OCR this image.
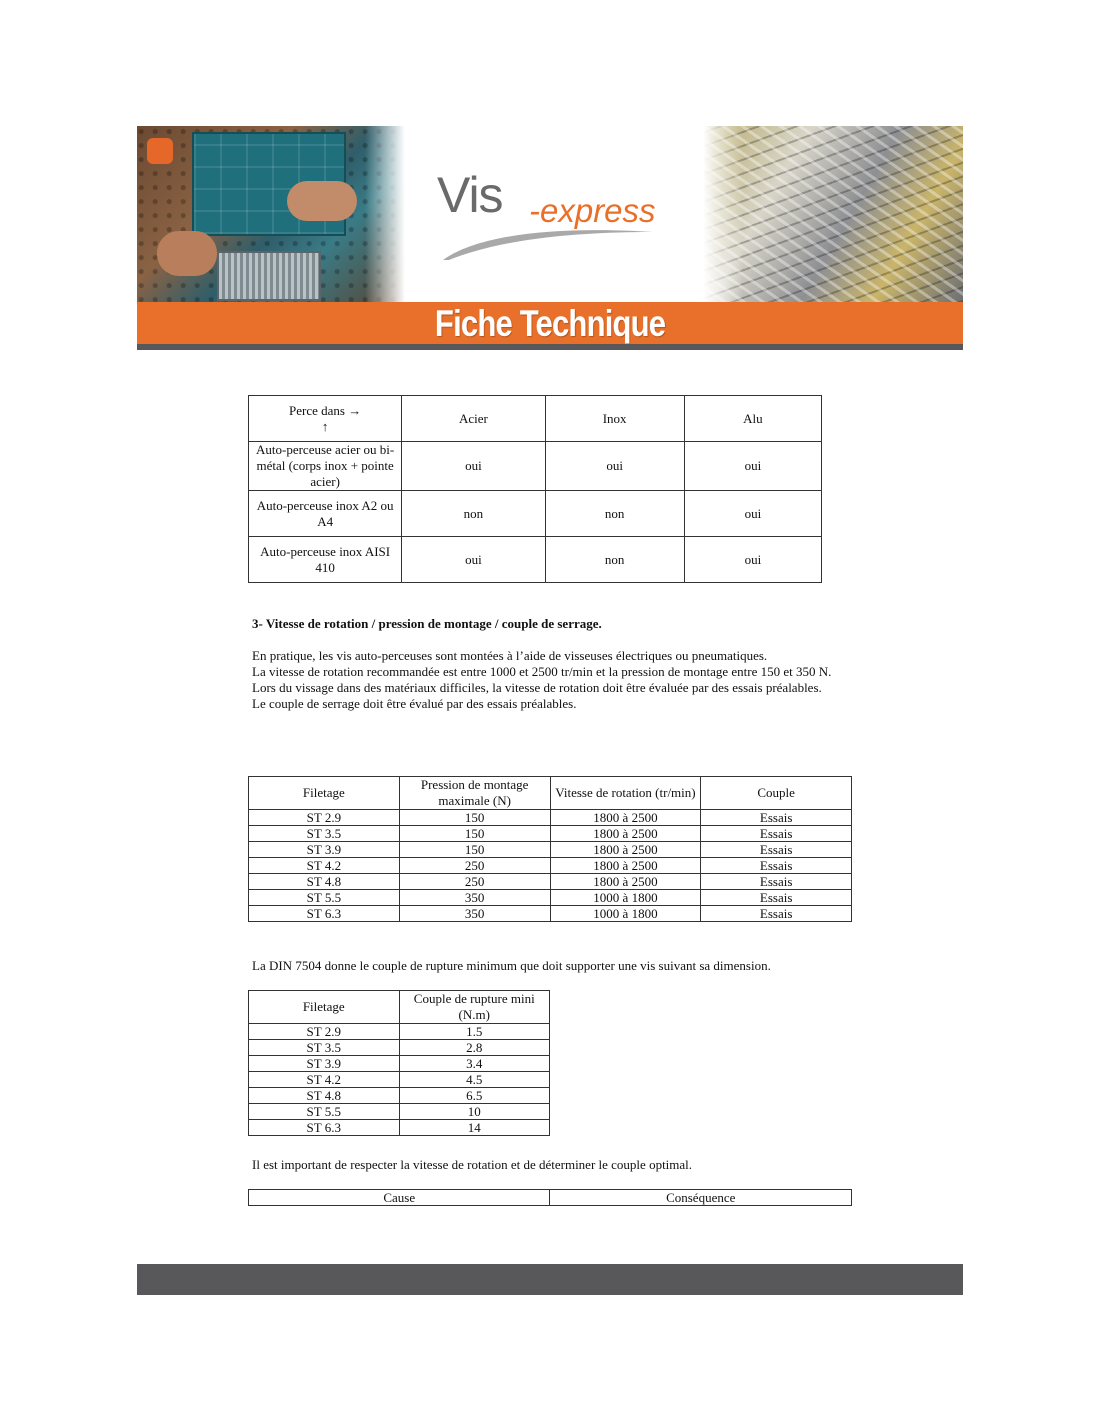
Vis -express
Fiche Technique
Perce dans →
↑	Acier	Inox	Alu
Auto-perceuse acier ou bi-métal (corps inox + pointe acier)	oui	oui	oui
Auto-perceuse inox A2 ou A4	non	non	oui
Auto-perceuse inox AISI 410	oui	non	oui
3- Vitesse de rotation / pression de montage / couple de serrage.

En pratique, les vis auto-perceuses sont montées à l’aide de visseuses électriques ou pneumatiques.

La vitesse de rotation recommandée est entre 1000 et 2500 tr/min et la pression de montage entre 150 et 350 N.

Lors du vissage dans des matériaux difficiles, la vitesse de rotation doit être évaluée par des essais préalables.

Le couple de serrage doit être évalué par des essais préalables.

Filetage	Pression de montage maximale (N)	Vitesse de rotation (tr/min)	Couple
ST 2.9	150	1800 à 2500	Essais
ST 3.5	150	1800 à 2500	Essais
ST 3.9	150	1800 à 2500	Essais
ST 4.2	250	1800 à 2500	Essais
ST 4.8	250	1800 à 2500	Essais
ST 5.5	350	1000 à 1800	Essais
ST 6.3	350	1000 à 1800	Essais
La DIN 7504 donne le couple de rupture minimum que doit supporter une vis suivant sa dimension.
Filetage	Couple de rupture mini (N.m)
ST 2.9	1.5
ST 3.5	2.8
ST 3.9	3.4
ST 4.2	4.5
ST 4.8	6.5
ST 5.5	10
ST 6.3	14
Il est important de respecter la vitesse de rotation et de déterminer le couple optimal.
Cause	Conséquence
